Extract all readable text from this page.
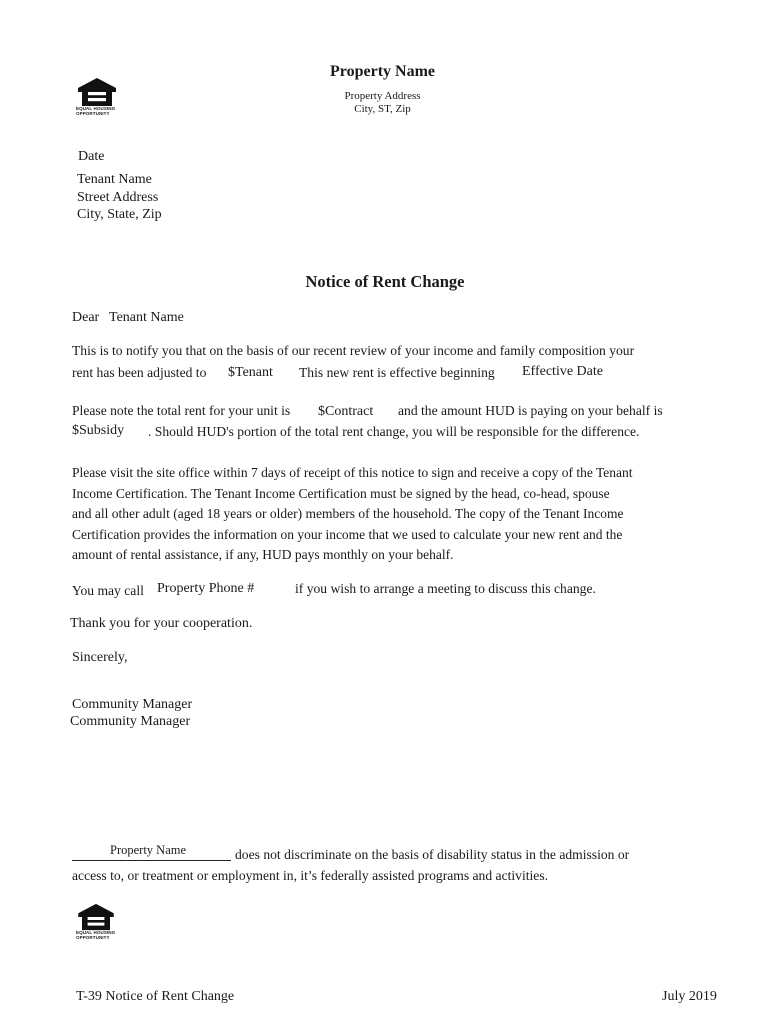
EQUAL HOUSING
OPPORTUNITY
Property Name
Property Address
City, ST, Zip
Date
Tenant Name
Street Address
City, State, Zip
Notice of Rent Change
Dear Tenant Name
This is to notify you that on the basis of our recent review of your income and family composition your
rent has been adjusted to $Tenant This new rent is effective beginning Effective Date
Please note the total rent for your unit is $Contract and the amount HUD is paying on your behalf is
$Subsidy . Should HUD's portion of the total rent change, you will be responsible for the difference.
Please visit the site office within 7 days of receipt of this notice to sign and receive a copy of the Tenant
Income Certification. The Tenant Income Certification must be signed by the head, co-head, spouse
and all other adult (aged 18 years or older) members of the household. The copy of the Tenant Income
Certification provides the information on your income that we used to calculate your new rent and the
amount of rental assistance, if any, HUD pays monthly on your behalf.
You may call Property Phone #	if you wish to arrange a meeting to discuss this change.
Thank you for your cooperation.
Sincerely,
Community Manager
Community Manager
Property Name	does not discriminate on the basis of disability status in the admission or
access to, or treatment or employment in, it’s federally assisted programs and activities.
EQUAL HOUSING
OPPORTUNITY
T-39 Notice of Rent Change	July 2019
